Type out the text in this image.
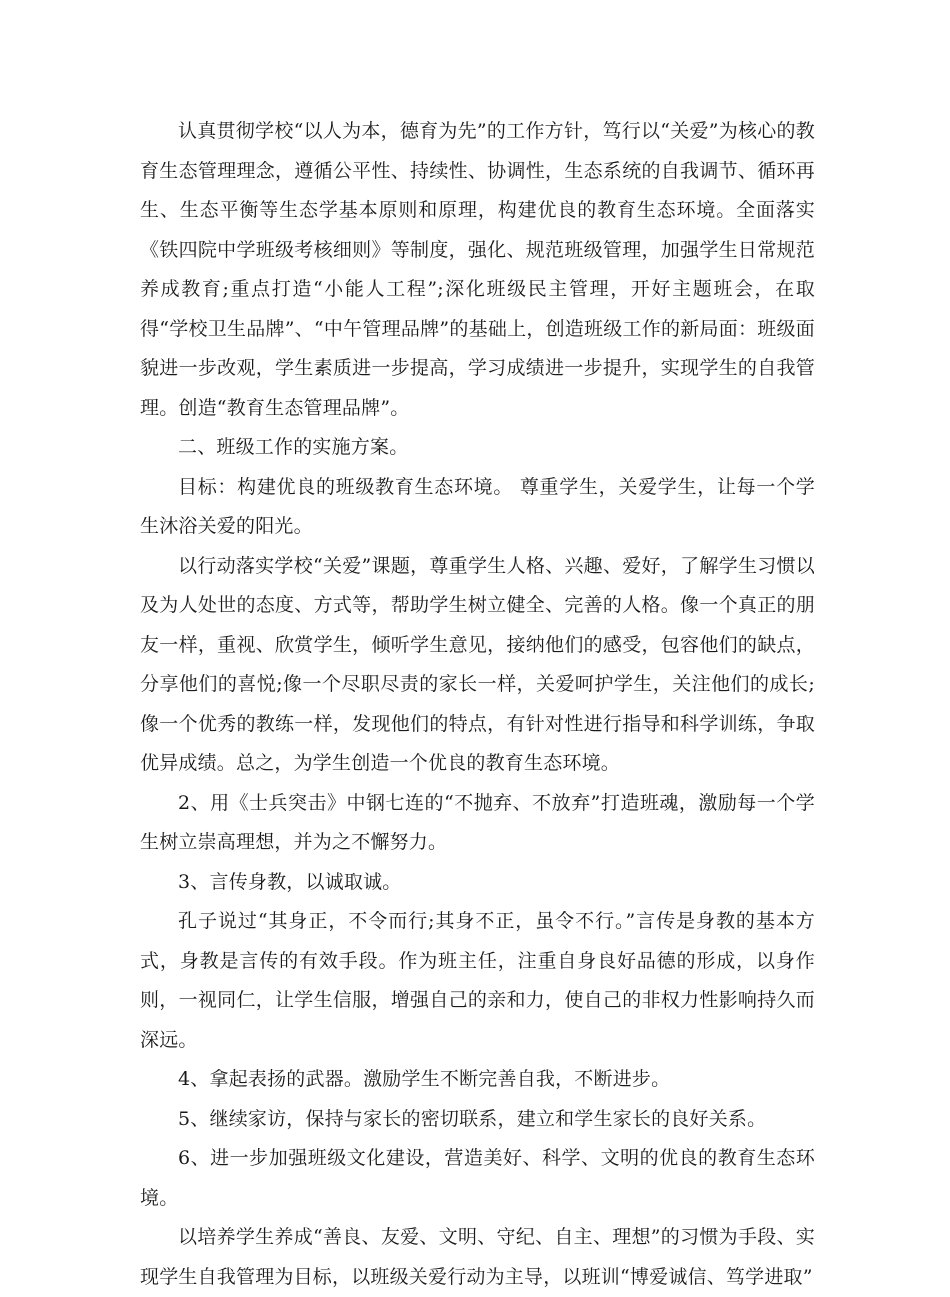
认真贯彻学校“以人为本，德育为先”的工作方针，笃行以“关爱”为核心的教育生态管理理念，遵循公平性、持续性、协调性，生态系统的自我调节、循环再生、生态平衡等生态学基本原则和原理，构建优良的教育生态环境。全面落实《铁四院中学班级考核细则》等制度，强化、规范班级管理，加强学生日常规范养成教育;重点打造“小能人工程”;深化班级民主管理，开好主题班会，在取得“学校卫生品牌”、“中午管理品牌”的基础上，创造班级工作的新局面：班级面貌进一步改观，学生素质进一步提高，学习成绩进一步提升，实现学生的自我管理。创造“教育生态管理品牌”。

二、班级工作的实施方案。

目标：构建优良的班级教育生态环境。 尊重学生，关爱学生，让每一个学生沐浴关爱的阳光。

以行动落实学校“关爱”课题，尊重学生人格、兴趣、爱好，了解学生习惯以及为人处世的态度、方式等，帮助学生树立健全、完善的人格。像一个真正的朋友一样，重视、欣赏学生，倾听学生意见，接纳他们的感受，包容他们的缺点，分享他们的喜悦;像一个尽职尽责的家长一样，关爱呵护学生，关注他们的成长;像一个优秀的教练一样，发现他们的特点，有针对性进行指导和科学训练，争取优异成绩。总之，为学生创造一个优良的教育生态环境。

2、用《士兵突击》中钢七连的“不抛弃、不放弃”打造班魂，激励每一个学生树立崇高理想，并为之不懈努力。

3、言传身教，以诚取诚。

孔子说过“其身正，不令而行;其身不正，虽令不行。”言传是身教的基本方式，身教是言传的有效手段。作为班主任，注重自身良好品德的形成，以身作则，一视同仁，让学生信服，增强自己的亲和力，使自己的非权力性影响持久而深远。

4、拿起表扬的武器。激励学生不断完善自我，不断进步。

5、继续家访，保持与家长的密切联系，建立和学生家长的良好关系。

6、进一步加强班级文化建设，营造美好、科学、文明的优良的教育生态环境。

以培养学生养成“善良、友爱、文明、守纪、自主、理想”的习惯为手段、实现学生自我管理为目标，以班级关爱行动为主导，以班训“博爱诚信、笃学进取”
